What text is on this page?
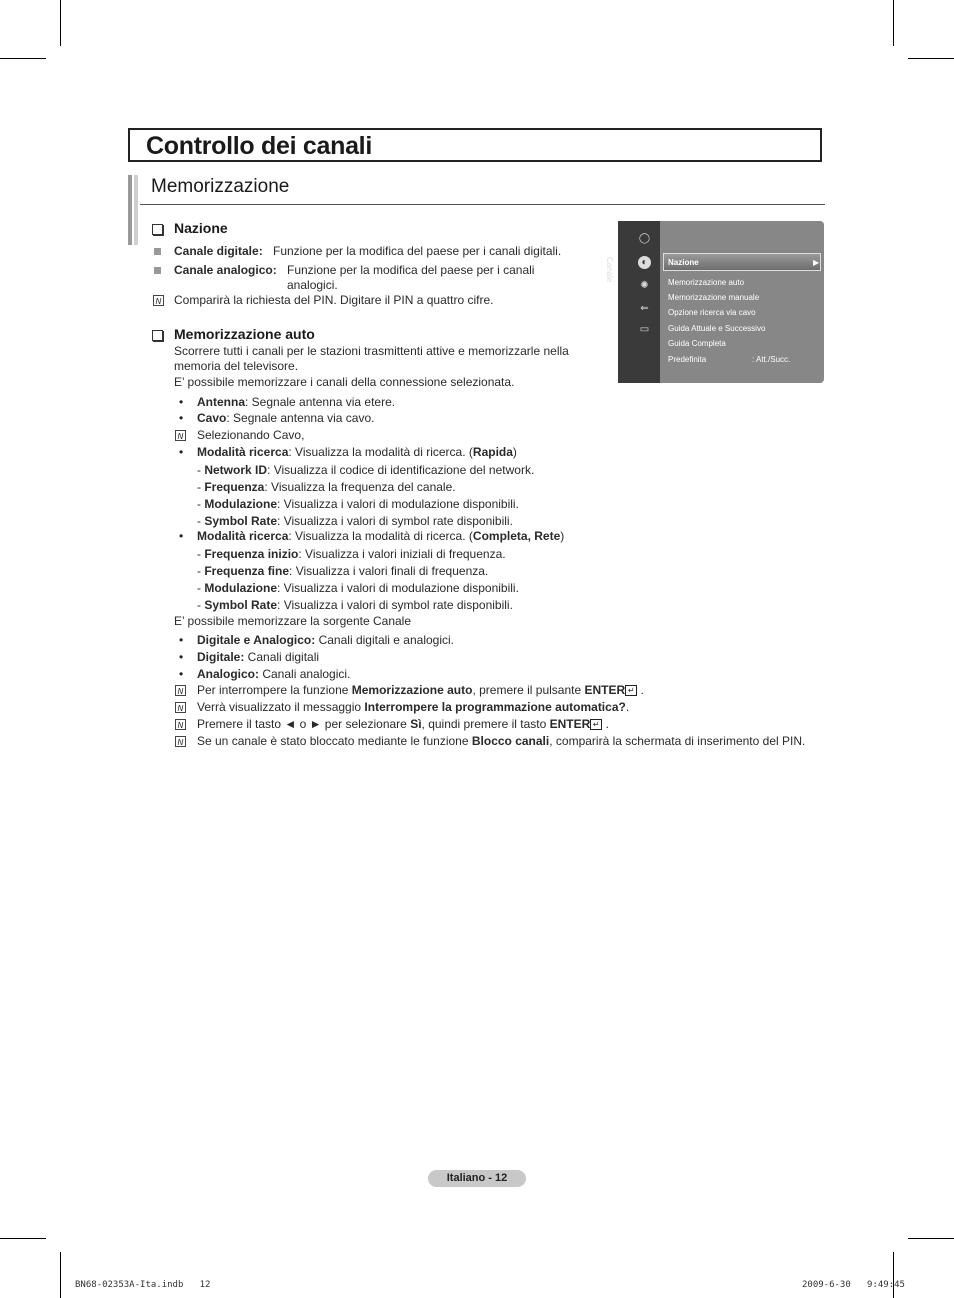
Controllo dei canali
Memorizzazione
Nazione
Canale digitale: Funzione per la modifica del paese per i canali digitali.
Canale analogico: Funzione per la modifica del paese per i canali
analogici.
N Comparirà la richiesta del PIN. Digitare il PIN a quattro cifre.
Memorizzazione auto
Scorrere tutti i canali per le stazioni trasmittenti attive e memorizzarle nella
memoria del televisore.
E’ possibile memorizzare i canali della connessione selezionata.
• Antenna: Segnale antenna via etere.
• Cavo: Segnale antenna via cavo.
N Selezionando Cavo,
• Modalità ricerca: Visualizza la modalità di ricerca. (Rapida)
- Network ID: Visualizza il codice di identificazione del network.
- Frequenza: Visualizza la frequenza del canale.
- Modulazione: Visualizza i valori di modulazione disponibili.
- Symbol Rate: Visualizza i valori di symbol rate disponibili.
• Modalità ricerca: Visualizza la modalità di ricerca. (Completa, Rete)
- Frequenza inizio: Visualizza i valori iniziali di frequenza.
- Frequenza fine: Visualizza i valori finali di frequenza.
- Modulazione: Visualizza i valori di modulazione disponibili.
- Symbol Rate: Visualizza i valori di symbol rate disponibili.
E’ possibile memorizzare la sorgente Canale
• Digitale e Analogico: Canali digitali e analogici.
• Digitale: Canali digitali
• Analogico: Canali analogici.
N Per interrompere la funzione Memorizzazione auto, premere il pulsante ENTER ↵ .
N Verrà visualizzato il messaggio Interrompere la programmazione automatica?.
N Premere il tasto ◄ o ► per selezionare Sì, quindi premere il tasto ENTER ↵ .
N Se un canale è stato bloccato mediante le funzione Blocco canali, comparirà la schermata di inserimento del PIN.
Canale
◯
◐
✺
⇐
▭
Nazione	▶
Memorizzazione auto
Memorizzazione manuale
Opzione ricerca via cavo
Guida Attuale e Successivo
Guida Completa
Predefinita	: Att./Succ.
Italiano - 12
BN68-02353A-Ita.indb   12	2009-6-30   9:49:45
